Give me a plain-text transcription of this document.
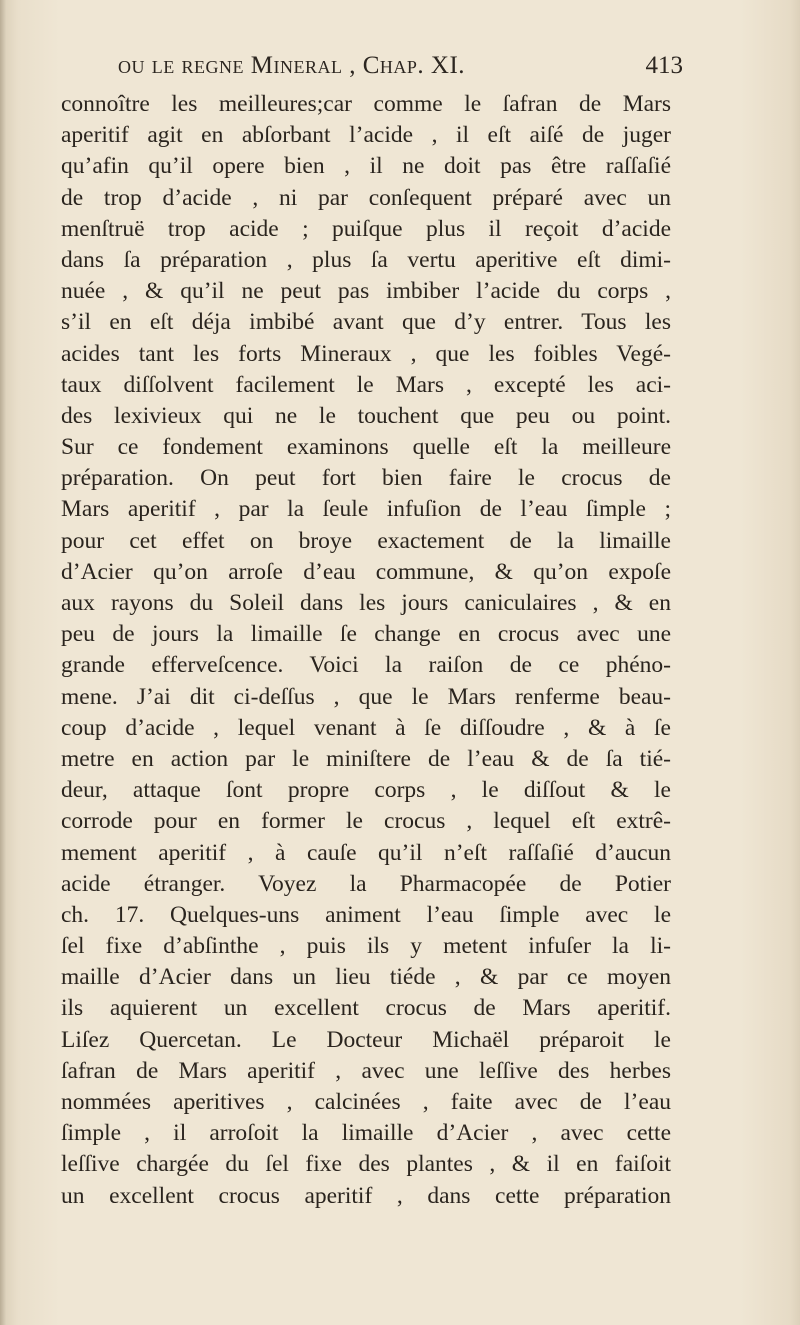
ou le regne Mineral , Chap. XI.	413
connoître les meilleures;car comme le ſafran de Mars
aperitif agit en abſorbant l’acide , il eſt aiſé de juger
qu’afin qu’il opere bien , il ne doit pas être raſſaſié
de trop d’acide , ni par conſequent préparé avec un
menſtruë trop acide ; puiſque plus il reçoit d’acide
dans ſa préparation , plus ſa vertu aperitive eſt dimi-
nuée , & qu’il ne peut pas imbiber l’acide du corps ,
s’il en eſt déja imbibé avant que d’y entrer. Tous les
acides tant les forts Mineraux , que les foibles Vegé-
taux diſſolvent facilement le Mars , excepté les aci-
des lexivieux qui ne le touchent que peu ou point.
Sur ce fondement examinons quelle eſt la meilleure
préparation. On peut fort bien faire le crocus de
Mars aperitif , par la ſeule infuſion de l’eau ſimple ;
pour cet effet on broye exactement de la limaille
d’Acier qu’on arroſe d’eau commune, & qu’on expoſe
aux rayons du Soleil dans les jours caniculaires , & en
peu de jours la limaille ſe change en crocus avec une
grande effervеſcence. Voici la raiſon de ce phéno-
mene. J’ai dit ci-deſſus , que le Mars renferme beau-
coup d’acide , lequel venant à ſe diſſoudre , & à ſe
metre en action par le miniſtere de l’eau & de ſa tié-
deur, attaque ſont propre corps , le diſſout & le
corrode pour en former le crocus , lequel eſt extrê-
mement aperitif , à cauſe qu’il n’eſt raſſaſié d’aucun
acide étranger. Voyez la Pharmacopée de Potier
ch. 17. Quelques-uns animent l’eau ſimple avec le
ſel fixe d’abſinthe , puis ils y metent infuſer la li-
maille d’Acier dans un lieu tiéde , & par ce moyen
ils aquierent un excellent crocus de Mars aperitif.
Liſez Quercetan. Le Docteur Michaël préparoit le
ſafran de Mars aperitif , avec une leſſive des herbes
nommées aperitives , calcinées , faite avec de l’eau
ſimple , il arroſoit la limaille d’Acier , avec cette
leſſive chargée du ſel fixe des plantes , & il en faiſoit
un excellent crocus aperitif , dans cette préparation
